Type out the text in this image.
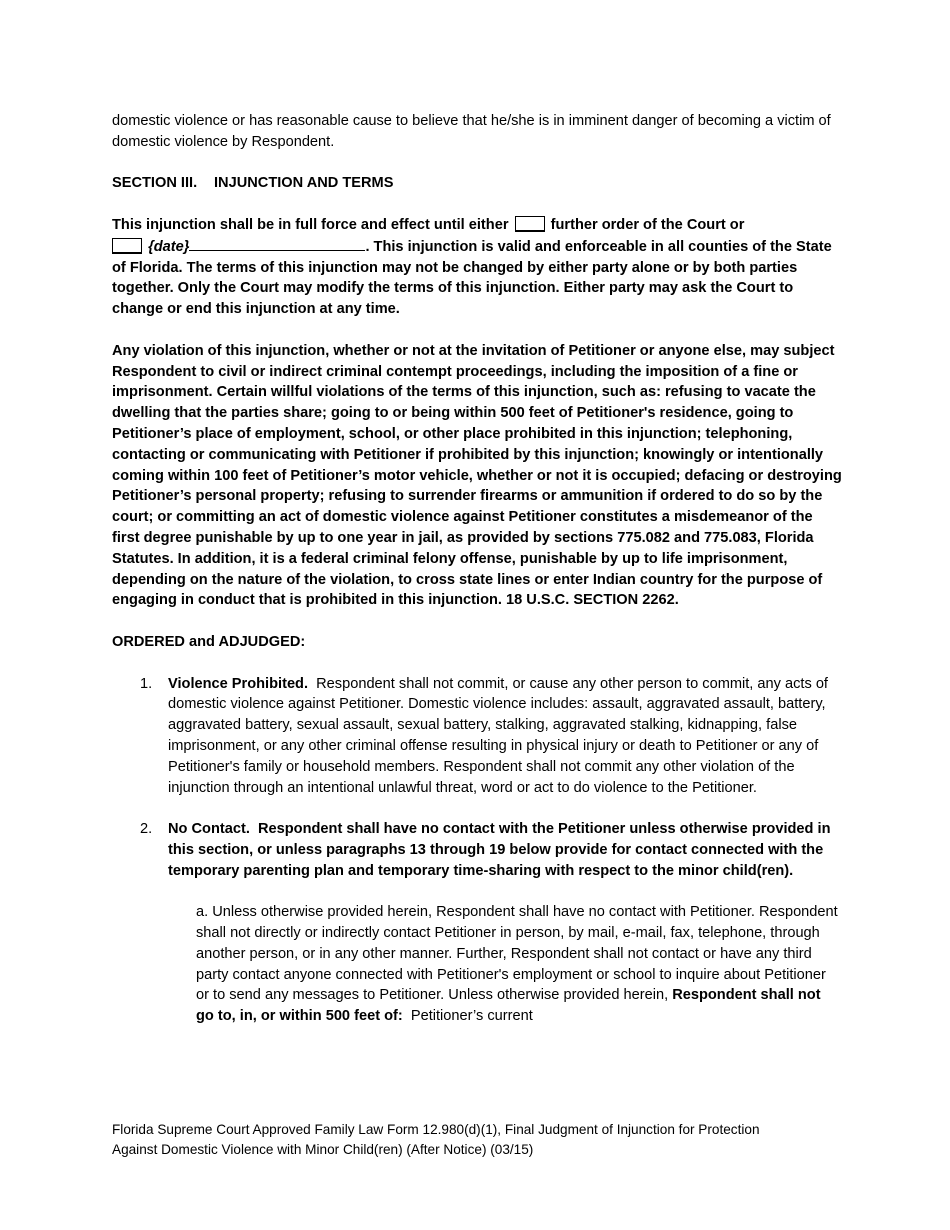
domestic violence or has reasonable cause to believe that he/she is in imminent danger of becoming a victim of domestic violence by Respondent.

SECTION III. INJUNCTION AND TERMS

This injunction shall be in full force and effect until either	further order of the Court or
{date}	. This injunction is valid and enforceable in all counties of the State of Florida. The terms of this injunction may not be changed by either party alone or by both parties together. Only the Court may modify the terms of this injunction. Either party may ask the Court to change or end this injunction at any time.

Any violation of this injunction, whether or not at the invitation of Petitioner or anyone else, may subject Respondent to civil or indirect criminal contempt proceedings, including the imposition of a fine or imprisonment. Certain willful violations of the terms of this injunction, such as: refusing to vacate the dwelling that the parties share; going to or being within 500 feet of Petitioner's residence, going to Petitioner’s place of employment, school, or other place prohibited in this injunction; telephoning, contacting or communicating with Petitioner if prohibited by this injunction; knowingly or intentionally coming within 100 feet of Petitioner’s motor vehicle, whether or not it is occupied; defacing or destroying Petitioner’s personal property; refusing to surrender firearms or ammunition if ordered to do so by the court; or committing an act of domestic violence against Petitioner constitutes a misdemeanor of the first degree punishable by up to one year in jail, as provided by sections 775.082 and 775.083, Florida Statutes. In addition, it is a federal criminal felony offense, punishable by up to life imprisonment, depending on the nature of the violation, to cross state lines or enter Indian country for the purpose of engaging in conduct that is prohibited in this injunction. 18 U.S.C. SECTION 2262.

ORDERED and ADJUDGED:

1. Violence Prohibited. Respondent shall not commit, or cause any other person to commit, any acts of domestic violence against Petitioner. Domestic violence includes: assault, aggravated assault, battery, aggravated battery, sexual assault, sexual battery, stalking, aggravated stalking, kidnapping, false imprisonment, or any other criminal offense resulting in physical injury or death to Petitioner or any of Petitioner's family or household members. Respondent shall not commit any other violation of the injunction through an intentional unlawful threat, word or act to do violence to the Petitioner.

2. No Contact. Respondent shall have no contact with the Petitioner unless otherwise provided in this section, or unless paragraphs 13 through 19 below provide for contact connected with the temporary parenting plan and temporary time-sharing with respect to the minor child(ren).

a. Unless otherwise provided herein, Respondent shall have no contact with Petitioner. Respondent shall not directly or indirectly contact Petitioner in person, by mail, e-mail, fax, telephone, through another person, or in any other manner. Further, Respondent shall not contact or have any third party contact anyone connected with Petitioner's employment or school to inquire about Petitioner or to send any messages to Petitioner. Unless otherwise provided herein, Respondent shall not go to, in, or within 500 feet of: Petitioner’s current

Florida Supreme Court Approved Family Law Form 12.980(d)(1), Final Judgment of Injunction for Protection

Against Domestic Violence with Minor Child(ren) (After Notice) (03/15)
